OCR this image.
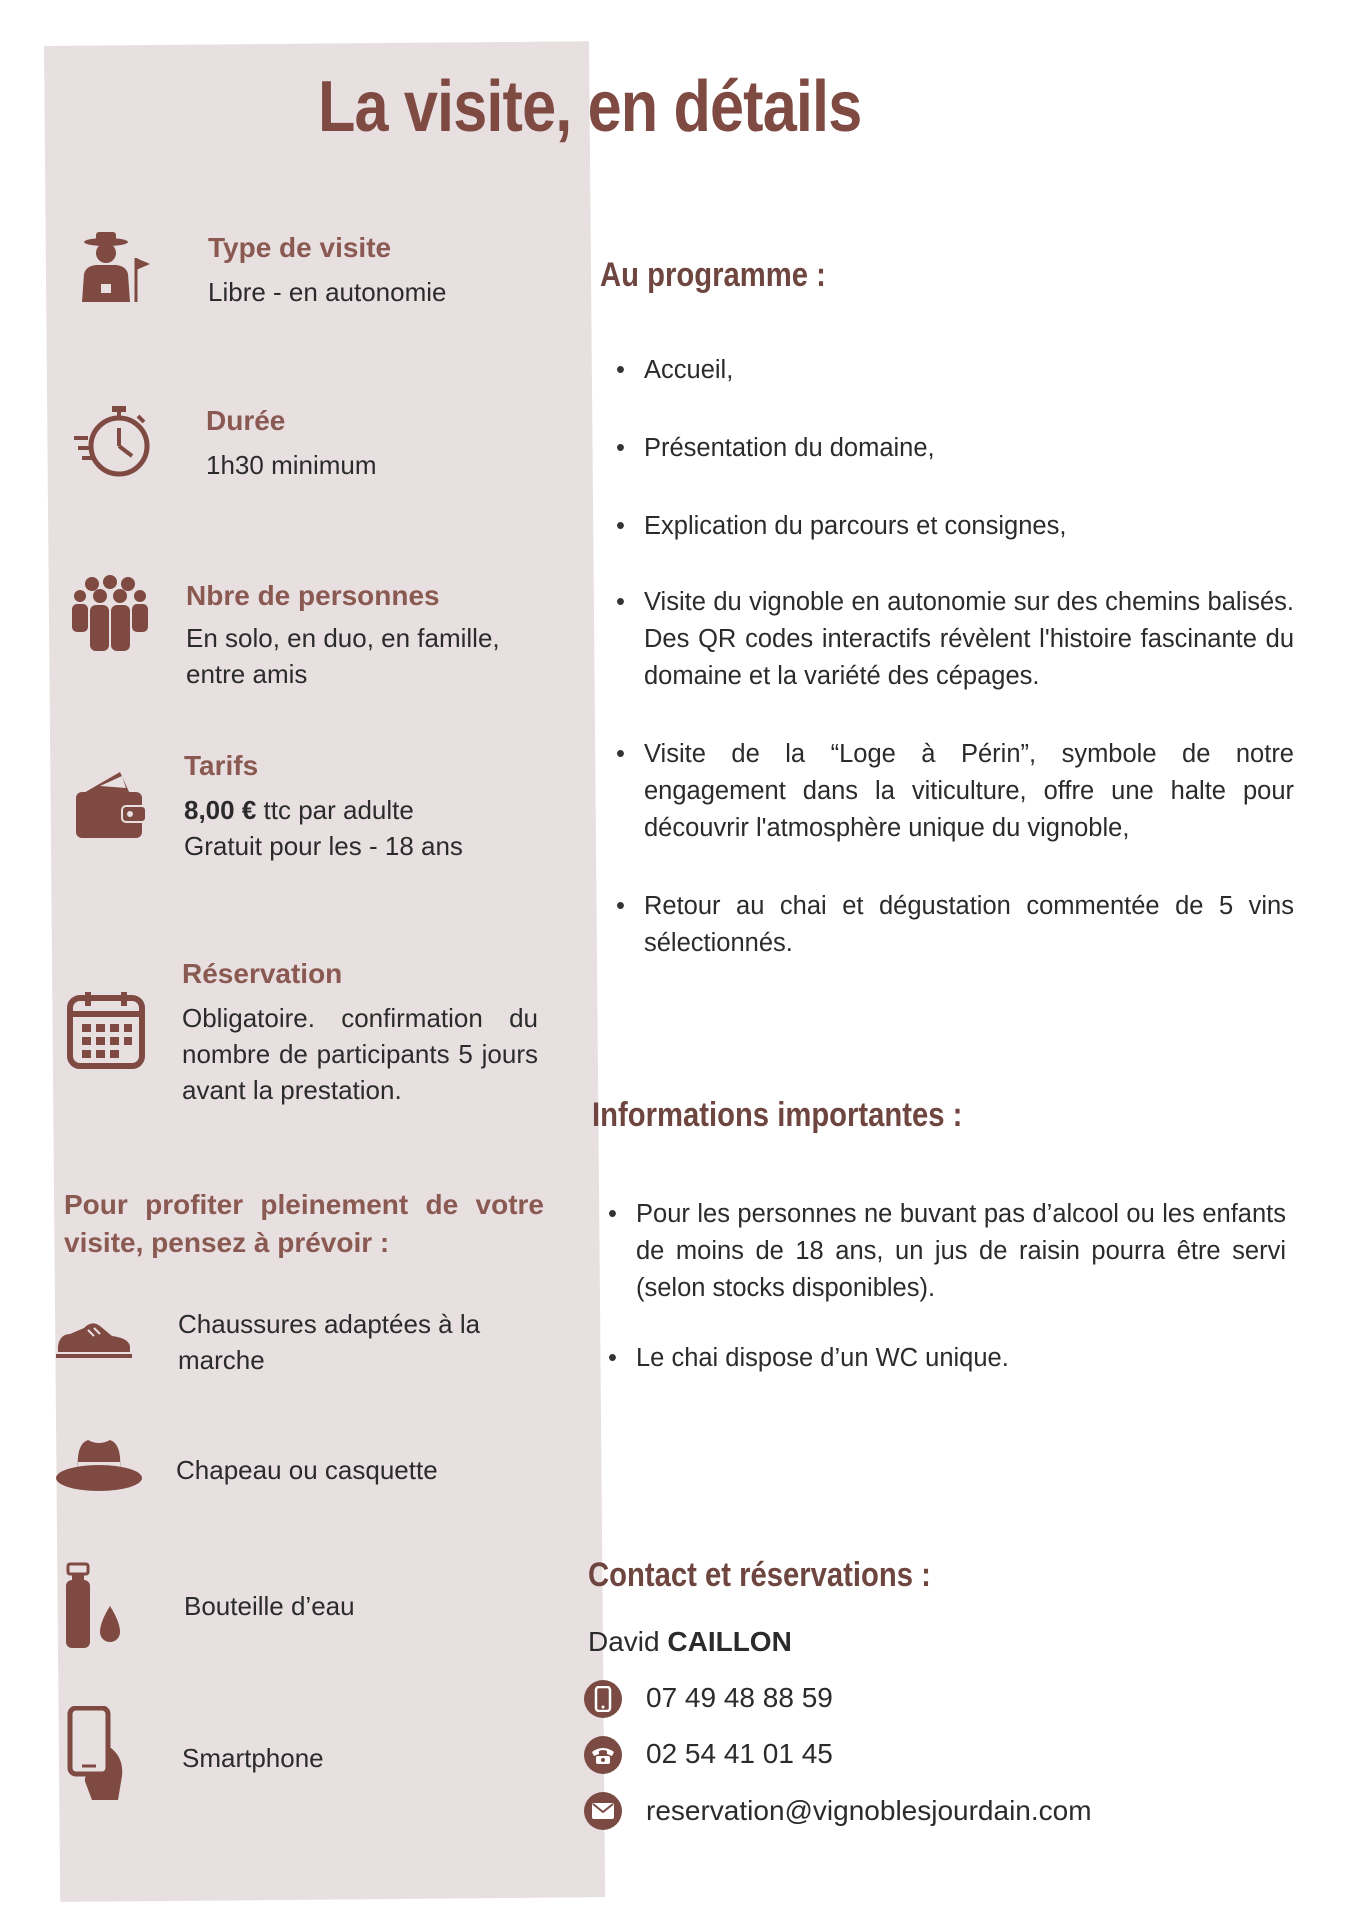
La visite, en détails

Type de visite

Libre - en autonomie

Durée

1h30 minimum

Nbre de personnes

En solo, en duo, en famille, entre amis

Tarifs

8,00 € ttc par adulte

Gratuit pour les - 18 ans

Réservation

Obligatoire. confirmation du nombre de participants 5 jours avant la prestation.

Pour profiter pleinement de votre visite, pensez à prévoir :

Chaussures adaptées à la marche

Chapeau ou casquette

Bouteille d’eau

Smartphone

Au programme :
• Accueil,
• Présentation du domaine,
• Explication du parcours et consignes,
• Visite du vignoble en autonomie sur des chemins balisés. Des QR codes interactifs révèlent l'histoire fascinante du domaine et la variété des cépages.
• Visite de la “Loge à Périn”, symbole de notre engagement dans la viticulture, offre une halte pour découvrir l'atmosphère unique du vignoble,
• Retour au chai et dégustation commentée de 5 vins sélectionnés.
Informations importantes :
• Pour les personnes ne buvant pas d’alcool ou les enfants de moins de 18 ans, un jus de raisin pourra être servi (selon stocks disponibles).
• Le chai dispose d’un WC unique.
Contact et réservations :
David CAILLON
07 49 48 88 59
02 54 41 01 45
reservation@vignoblesjourdain.com
